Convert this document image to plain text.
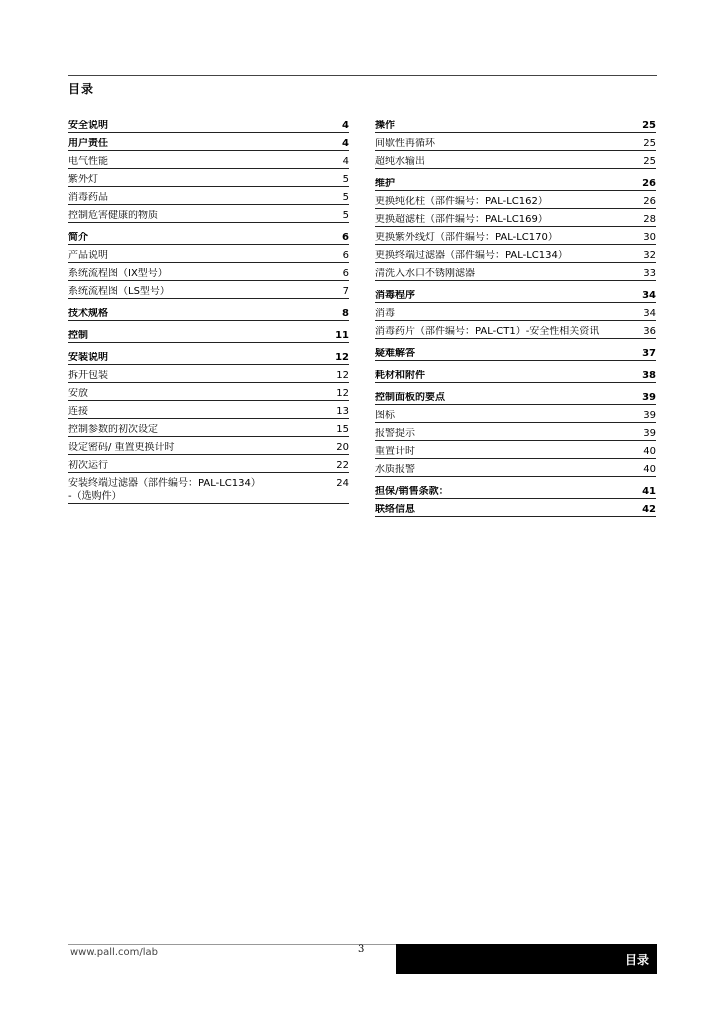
目录
安全说明	4
用户责任	4
电气性能	4
紫外灯	5
消毒药品	5
控制危害健康的物质	5
简介	6
产品说明	6
系统流程图（IX型号）	6
系统流程图（LS型号）	7
技术规格	8
控制	11
安装说明	12
拆开包装	12
安放	12
连接	13
控制参数的初次设定	15
设定密码/ 重置更换计时	20
初次运行	22
安装终端过滤器（部件编号：PAL-LC134）	24
-（选购件）
操作	25
间歇性再循环	25
超纯水输出	25
维护	26
更换纯化柱（部件编号：PAL-LC162）	26
更换超滤柱（部件编号：PAL-LC169）	28
更换紫外线灯（部件编号：PAL-LC170）	30
更换终端过滤器（部件编号：PAL-LC134）	32
清洗入水口不锈刚滤器	33
消毒程序	34
消毒	34
消毒药片（部件编号：PAL-CT1）-安全性相关资讯	36
疑难解答	37
耗材和附件	38
控制面板的要点	39
图标	39
报警提示	39
重置计时	40
水质报警	40
担保/销售条款：	41
联络信息	42
www.pall.com/lab	3
目录
